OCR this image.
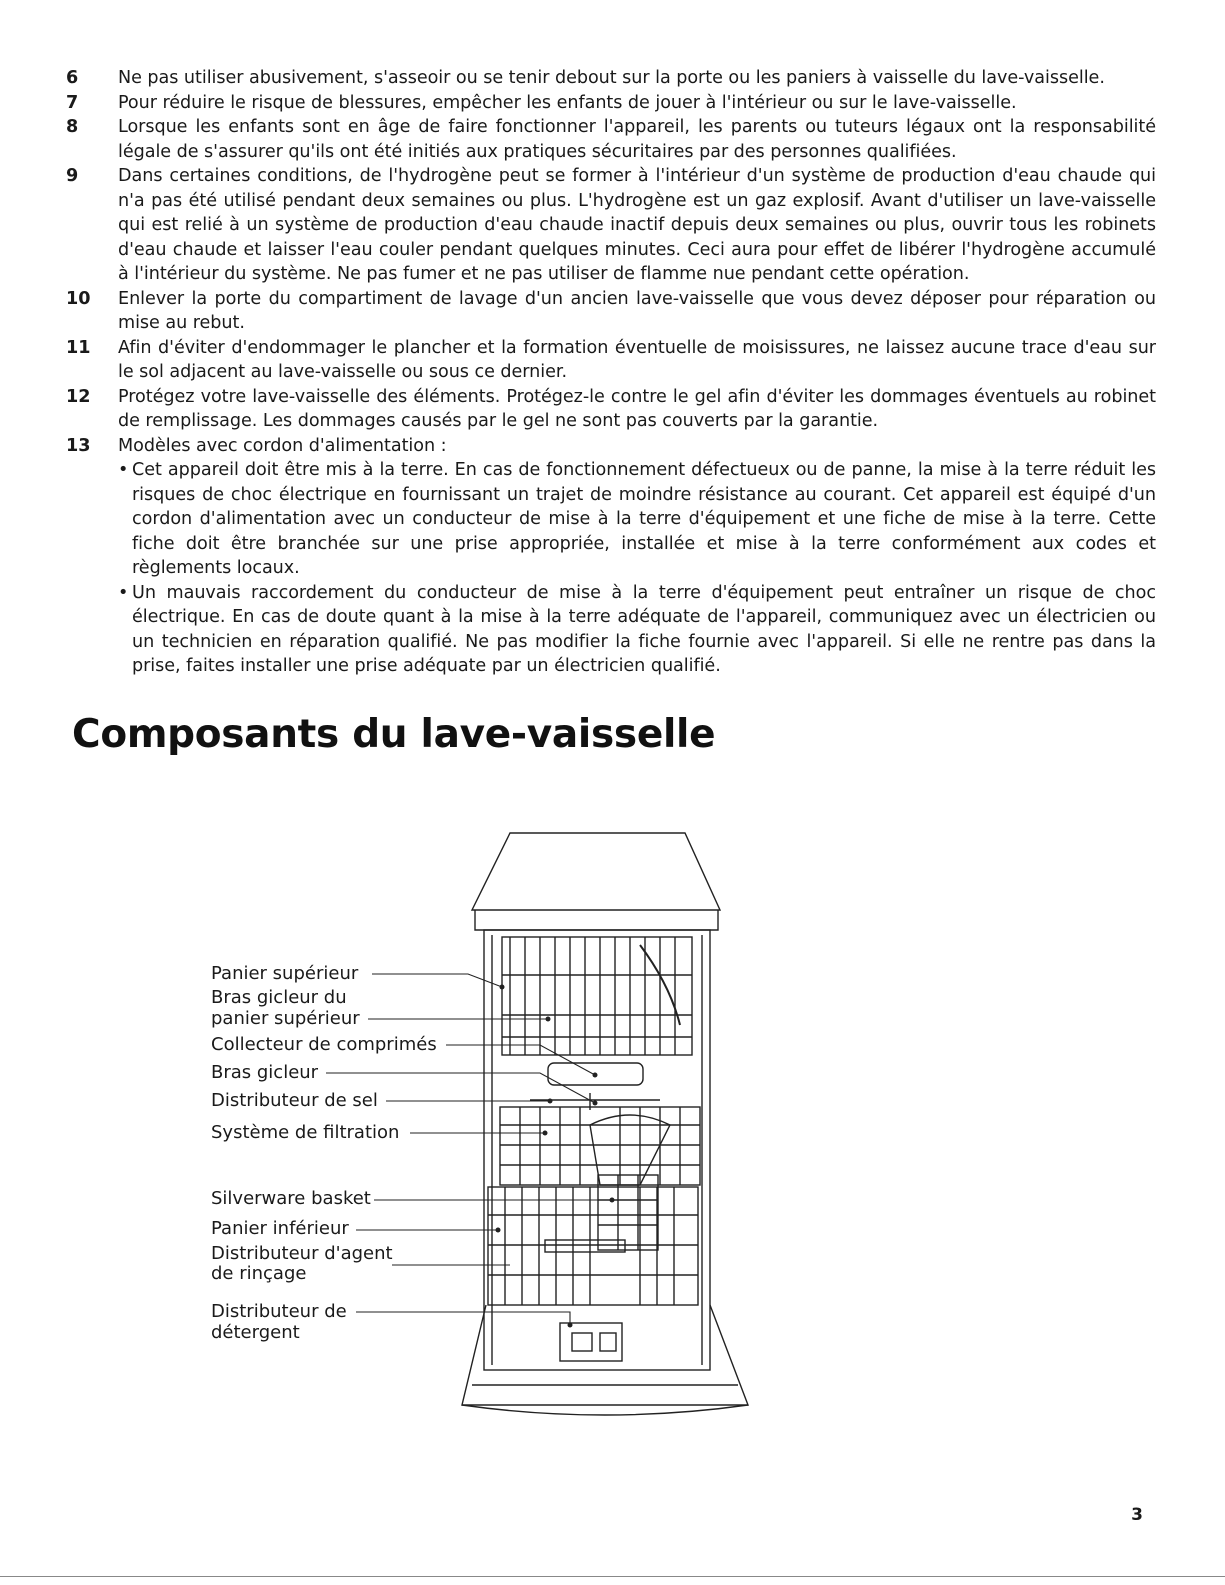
6	Ne pas utiliser abusivement, s'asseoir ou se tenir debout sur la porte ou les paniers à vaisselle du lave-vaisselle.
7	Pour réduire le risque de blessures, empêcher les enfants de jouer à l'intérieur ou sur le lave-vaisselle.
8	Lorsque les enfants sont en âge de faire fonctionner l'appareil, les parents ou tuteurs légaux ont la responsabilité légale de s'assurer qu'ils ont été initiés aux pratiques sécuritaires par des personnes qualifiées.
9	Dans certaines conditions, de l'hydrogène peut se former à l'intérieur d'un système de production d'eau chaude qui n'a pas été utilisé pendant deux semaines ou plus. L'hydrogène est un gaz explosif. Avant d'utiliser un lave-vaisselle qui est relié à un système de production d'eau chaude inactif depuis deux semaines ou plus, ouvrir tous les robinets d'eau chaude et laisser l'eau couler pendant quelques minutes. Ceci aura pour effet de libérer l'hydrogène accumulé à l'intérieur du système. Ne pas fumer et ne pas utiliser de flamme nue pendant cette opération.
10	Enlever la porte du compartiment de lavage d'un ancien lave-vaisselle que vous devez déposer pour réparation ou mise au rebut.
11	Afin d'éviter d'endommager le plancher et la formation éventuelle de moisissures, ne laissez aucune trace d'eau sur le sol adjacent au lave-vaisselle ou sous ce dernier.
12	Protégez votre lave-vaisselle des éléments. Protégez-le contre le gel afin d'éviter les dommages éventuels au robinet de remplissage. Les dommages causés par le gel ne sont pas couverts par la garantie.
13	Modèles avec cordon d'alimentation :
• Cet appareil doit être mis à la terre. En cas de fonctionnement défectueux ou de panne, la mise à la terre réduit les risques de choc électrique en fournissant un trajet de moindre résistance au courant. Cet appareil est équipé d'un cordon d'alimentation avec un conducteur de mise à la terre d'équipement et une fiche de mise à la terre. Cette fiche doit être branchée sur une prise appropriée, installée et mise à la terre conformément aux codes et règlements locaux.
• Un mauvais raccordement du conducteur de mise à la terre d'équipement peut entraîner un risque de choc électrique. En cas de doute quant à la mise à la terre adéquate de l'appareil, communiquez avec un électricien ou un technicien en réparation qualifié. Ne pas modifier la fiche fournie avec l'appareil. Si elle ne rentre pas dans la prise, faites installer une prise adéquate par un électricien qualifié.
Composants du lave-vaisselle
Panier supérieur
Bras gicleur du
panier supérieur
Collecteur de comprimés
Bras gicleur
Distributeur de sel
Système de filtration
Silverware basket
Panier inférieur
Distributeur d'agent
de rinçage
Distributeur de
détergent
3
